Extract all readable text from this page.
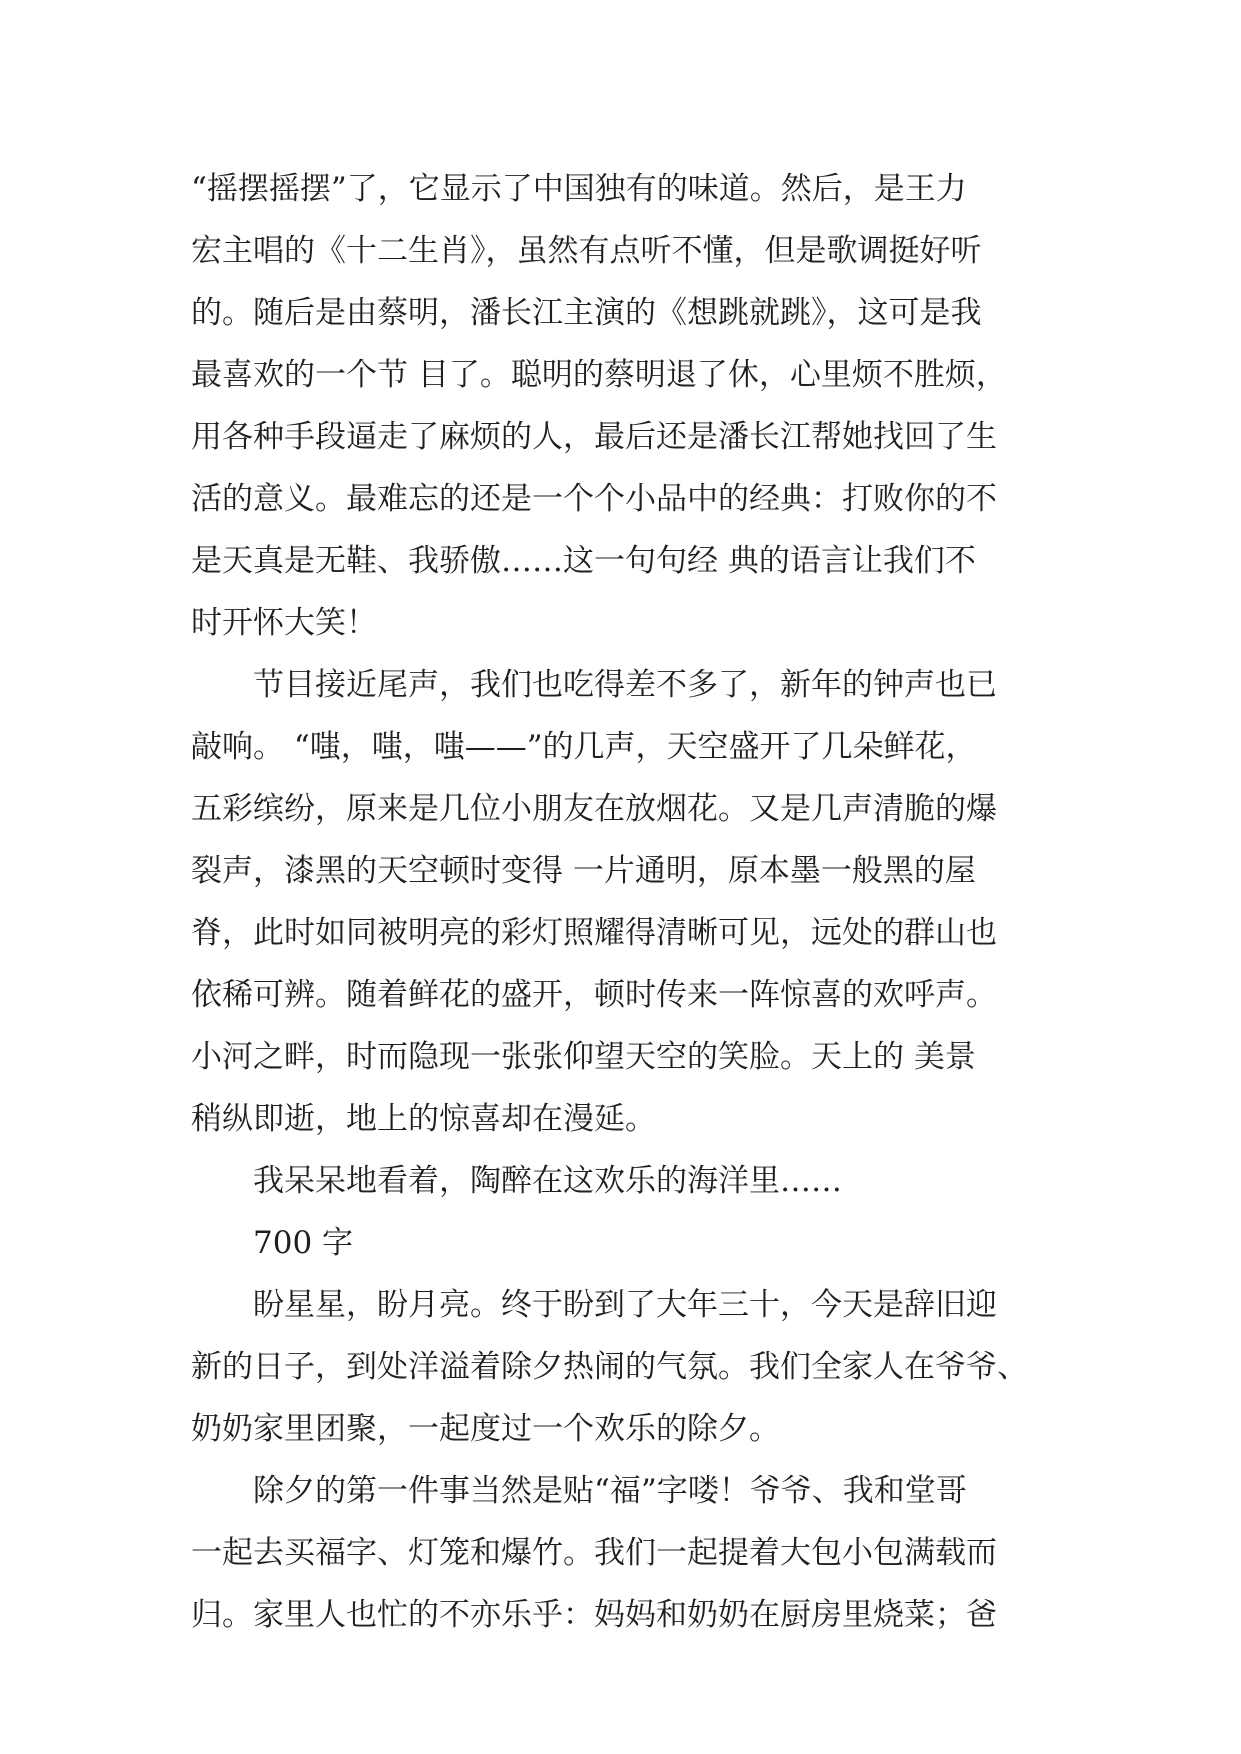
“摇摆摇摆”了，它显示了中国独有的味道。然后，是王力
宏主唱的《十二生肖》，虽然有点听不懂，但是歌调挺好听
的。随后是由蔡明，潘长江主演的《想跳就跳》，这可是我
最喜欢的一个节 目了。聪明的蔡明退了休，心里烦不胜烦，
用各种手段逼走了麻烦的人，最后还是潘长江帮她找回了生
活的意义。最难忘的还是一个个小品中的经典：打败你的不
是天真是无鞋、我骄傲……这一句句经 典的语言让我们不
时开怀大笑！
节目接近尾声，我们也吃得差不多了，新年的钟声也已
敲响。 “嗤，嗤，嗤——”的几声，天空盛开了几朵鲜花，
五彩缤纷，原来是几位小朋友在放烟花。又是几声清脆的爆
裂声，漆黑的天空顿时变得 一片通明，原本墨一般黑的屋
脊，此时如同被明亮的彩灯照耀得清晰可见，远处的群山也
依稀可辨。随着鲜花的盛开，顿时传来一阵惊喜的欢呼声。
小河之畔，时而隐现一张张仰望天空的笑脸。天上的 美景
稍纵即逝，地上的惊喜却在漫延。
我呆呆地看着，陶醉在这欢乐的海洋里……
700 字
盼星星，盼月亮。终于盼到了大年三十，今天是辞旧迎
新的日子，到处洋溢着除夕热闹的气氛。我们全家人在爷爷、
奶奶家里团聚，一起度过一个欢乐的除夕。
除夕的第一件事当然是贴“福”字喽！爷爷、我和堂哥
一起去买福字、灯笼和爆竹。我们一起提着大包小包满载而
归。家里人也忙的不亦乐乎：妈妈和奶奶在厨房里烧菜；爸
